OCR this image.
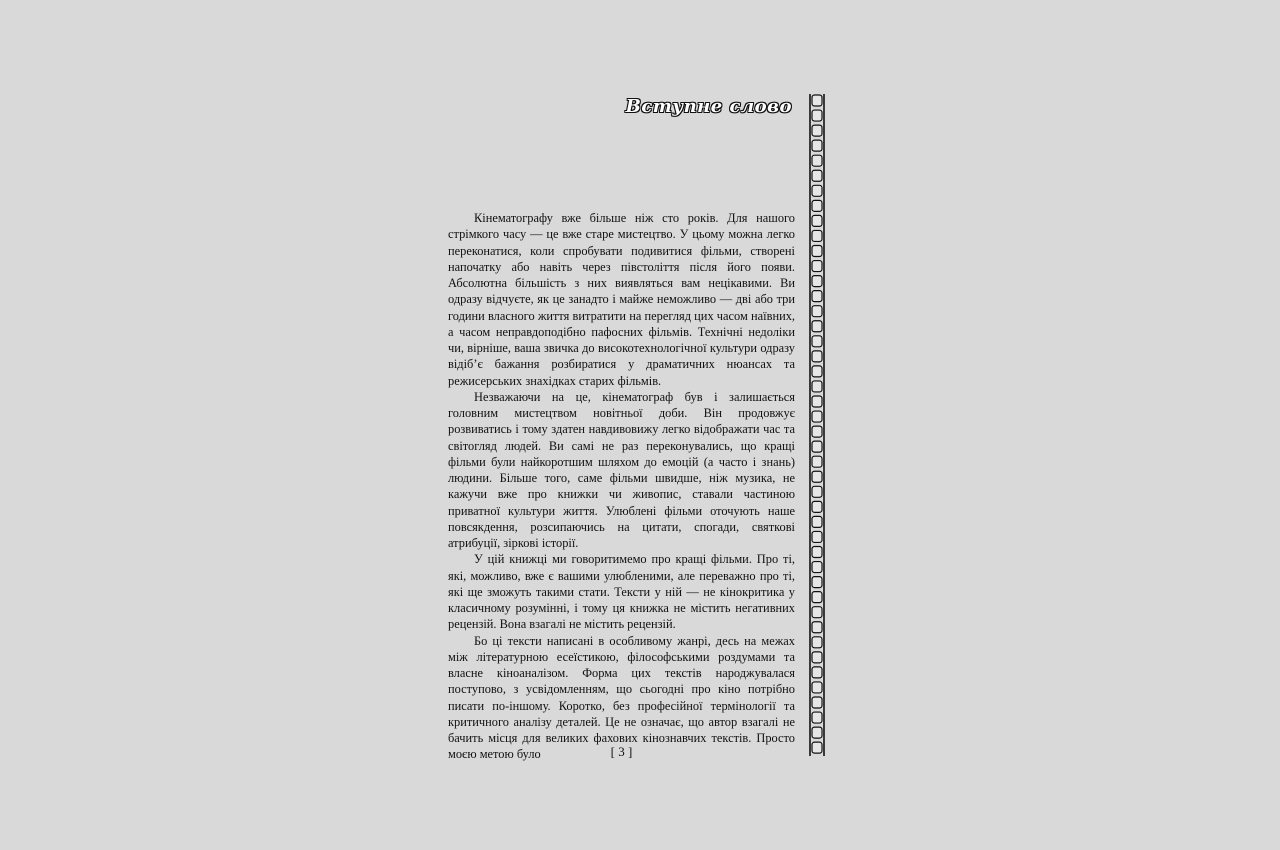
Вступне слово

Кінематографу вже більше ніж сто років. Для нашого стрімкого часу — це вже старе мистецтво. У цьому можна легко переконатися, коли спробувати подивитися фільми, створені напочатку або навіть через півстоліття після його появи. Абсолютна більшість з них виявляться вам нецікавими. Ви одразу відчуєте, як це занадто і майже неможливо — дві або три години власного життя витратити на перегляд цих часом наївних, а часом неправдоподібно пафосних фільмів. Технічні недоліки чи, вірніше, ваша звичка до високотехнологічної культури одразу відіб’є бажання розбиратися у драматичних нюансах та режисерських знахідках старих фільмів.

Незважаючи на це, кінематограф був і залишається головним мистецтвом новітньої доби. Він продовжує розвиватись і тому здатен навдивовижу легко відображати час та світогляд людей. Ви самі не раз переконувались, що кращі фільми були найкоротшим шляхом до емоцій (а часто і знань) людини. Більше того, саме фільми швидше, ніж музика, не кажучи вже про книжки чи живопис, ставали частиною приватної культури життя. Улюблені фільми оточують наше повсякдення, розсипаючись на цитати, спогади, святкові атрибуції, зіркові історії.

У цій книжці ми говоритимемо про кращі фільми. Про ті, які, можливо, вже є вашими улюбленими, але переважно про ті, які ще зможуть такими стати. Тексти у ній — не кінокритика у класичному розумінні, і тому ця книжка не містить негативних рецензій. Вона взагалі не містить рецензій.

Бо ці тексти написані в особливому жанрі, десь на межах між літературною есеїстикою, філософськими роздумами та власне кіноаналізом. Форма цих текстів народжувалася поступово, з усвідомленням, що сьогодні про кіно потрібно писати по-іншому. Коротко, без професійної термінології та критичного аналізу деталей. Це не означає, що автор взагалі не бачить місця для великих фахових кінознавчих текстів. Просто моєю метою було	[ 3 ]
